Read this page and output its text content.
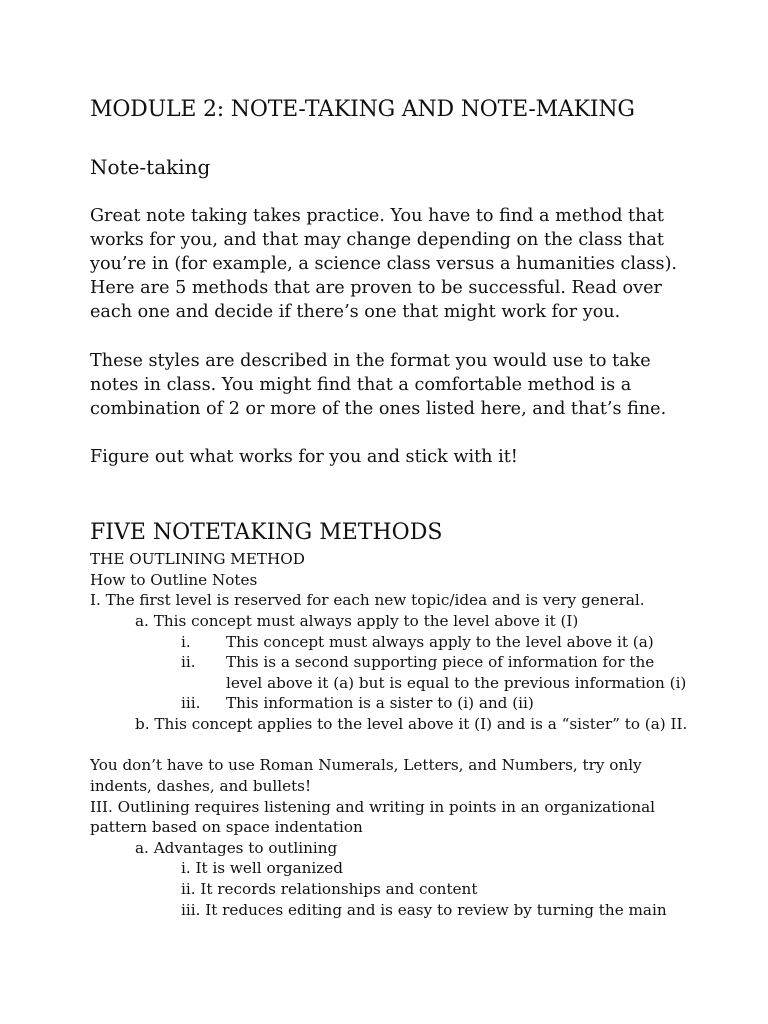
MODULE 2: NOTE-TAKING AND NOTE-MAKING
Note-taking
Great note taking takes practice. You have to find a method that
works for you, and that may change depending on the class that
you’re in (for example, a science class versus a humanities class).
Here are 5 methods that are proven to be successful. Read over
each one and decide if there’s one that might work for you.
These styles are described in the format you would use to take
notes in class. You might find that a comfortable method is a
combination of 2 or more of the ones listed here, and that’s fine.
Figure out what works for you and stick with it!
FIVE NOTETAKING METHODS
THE OUTLINING METHOD
How to Outline Notes
I. The first level is reserved for each new topic/idea and is very general.
a. This concept must always apply to the level above it (I)
i. This concept must always apply to the level above it (a)
ii. This is a second supporting piece of information for the
level above it (a) but is equal to the previous information (i)
iii. This information is a sister to (i) and (ii)
b. This concept applies to the level above it (I) and is a “sister” to (a) II.
You don’t have to use Roman Numerals, Letters, and Numbers, try only
indents, dashes, and bullets!
III. Outlining requires listening and writing in points in an organizational
pattern based on space indentation
a. Advantages to outlining
i. It is well organized
ii. It records relationships and content
iii. It reduces editing and is easy to review by turning the main
